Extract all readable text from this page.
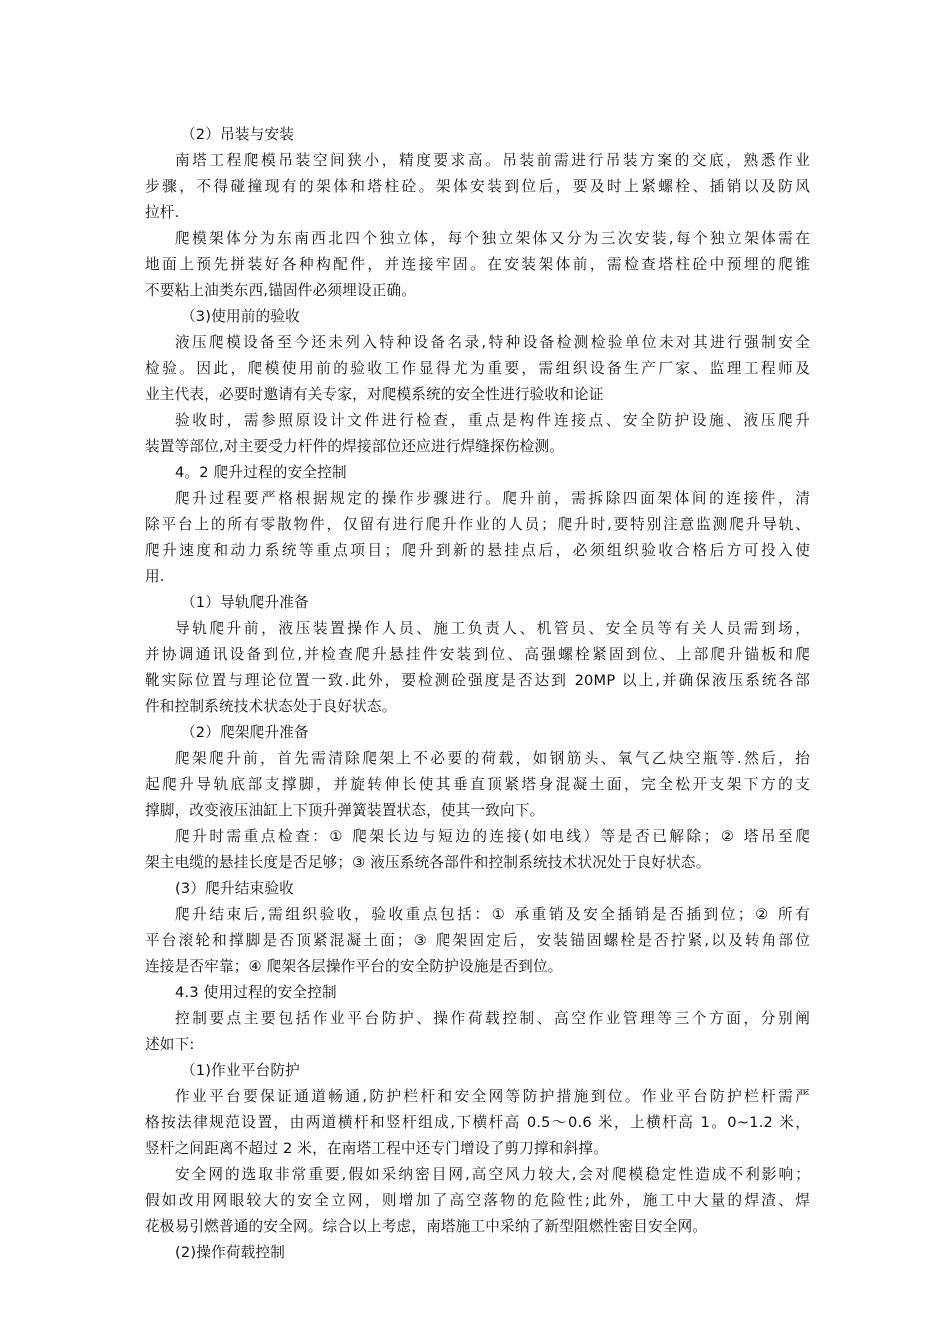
（2）吊装与安装
南塔工程爬模吊装空间狭小，精度要求高。吊装前需进行吊装方案的交底，熟悉作业
步骤，不得碰撞现有的架体和塔柱砼。架体安装到位后，要及时上紧螺栓、插销以及防风
拉杆.
爬模架体分为东南西北四个独立体，每个独立架体又分为三次安装,每个独立架体需在
地面上预先拼装好各种构配件，并连接牢固。在安装架体前，需检查塔柱砼中预埋的爬锥
不要粘上油类东西,锚固件必须埋设正确。
（3)使用前的验收
液压爬模设备至今还未列入特种设备名录,特种设备检测检验单位未对其进行强制安全
检验。因此，爬模使用前的验收工作显得尤为重要，需组织设备生产厂家、监理工程师及
业主代表，必要时邀请有关专家，对爬模系统的安全性进行验收和论证
验收时，需参照原设计文件进行检查，重点是构件连接点、安全防护设施、液压爬升
装置等部位,对主要受力杆件的焊接部位还应进行焊缝探伤检测。
4。2 爬升过程的安全控制
爬升过程要严格根据规定的操作步骤进行。爬升前，需拆除四面架体间的连接件，清
除平台上的所有零散物件，仅留有进行爬升作业的人员；爬升时,要特别注意监测爬升导轨、
爬升速度和动力系统等重点项目；爬升到新的悬挂点后，必须组织验收合格后方可投入使
用.
（1）导轨爬升准备
导轨爬升前，液压装置操作人员、施工负责人、机管员、安全员等有关人员需到场，
并协调通讯设备到位,并检查爬升悬挂件安装到位、高强螺栓紧固到位、上部爬升锚板和爬
靴实际位置与理论位置一致.此外，要检测砼强度是否达到 20MP 以上,并确保液压系统各部
件和控制系统技术状态处于良好状态。
（2）爬架爬升准备
爬架爬升前，首先需清除爬架上不必要的荷载，如钢筋头、氧气乙炔空瓶等.然后，抬
起爬升导轨底部支撑脚，并旋转伸长使其垂直顶紧塔身混凝土面，完全松开支架下方的支
撑脚，改变液压油缸上下顶升弹簧装置状态，使其一致向下。
爬升时需重点检查：① 爬架长边与短边的连接(如电线）等是否已解除；② 塔吊至爬
架主电缆的悬挂长度是否足够；③ 液压系统各部件和控制系统技术状况处于良好状态。
(3）爬升结束验收
爬升结束后,需组织验收，验收重点包括：① 承重销及安全插销是否插到位；② 所有
平台滚轮和撑脚是否顶紧混凝土面；③ 爬架固定后，安装锚固螺栓是否拧紧,以及转角部位
连接是否牢靠；④ 爬架各层操作平台的安全防护设施是否到位。
4.3 使用过程的安全控制
控制要点主要包括作业平台防护、操作荷载控制、高空作业管理等三个方面，分别阐
述如下:
（1)作业平台防护
作业平台要保证通道畅通,防护栏杆和安全网等防护措施到位。作业平台防护栏杆需严
格按法律规范设置，由两道横杆和竖杆组成,下横杆高 0.5～0.6 米，上横杆高 1。0~1.2 米，
竖杆之间距离不超过 2 米，在南塔工程中还专门增设了剪刀撑和斜撑。
安全网的选取非常重要,假如采纳密目网,高空风力较大,会对爬模稳定性造成不利影响；
假如改用网眼较大的安全立网，则增加了高空落物的危险性;此外，施工中大量的焊渣、焊
花极易引燃普通的安全网。综合以上考虑，南塔施工中采纳了新型阻燃性密目安全网。
(2)操作荷载控制
